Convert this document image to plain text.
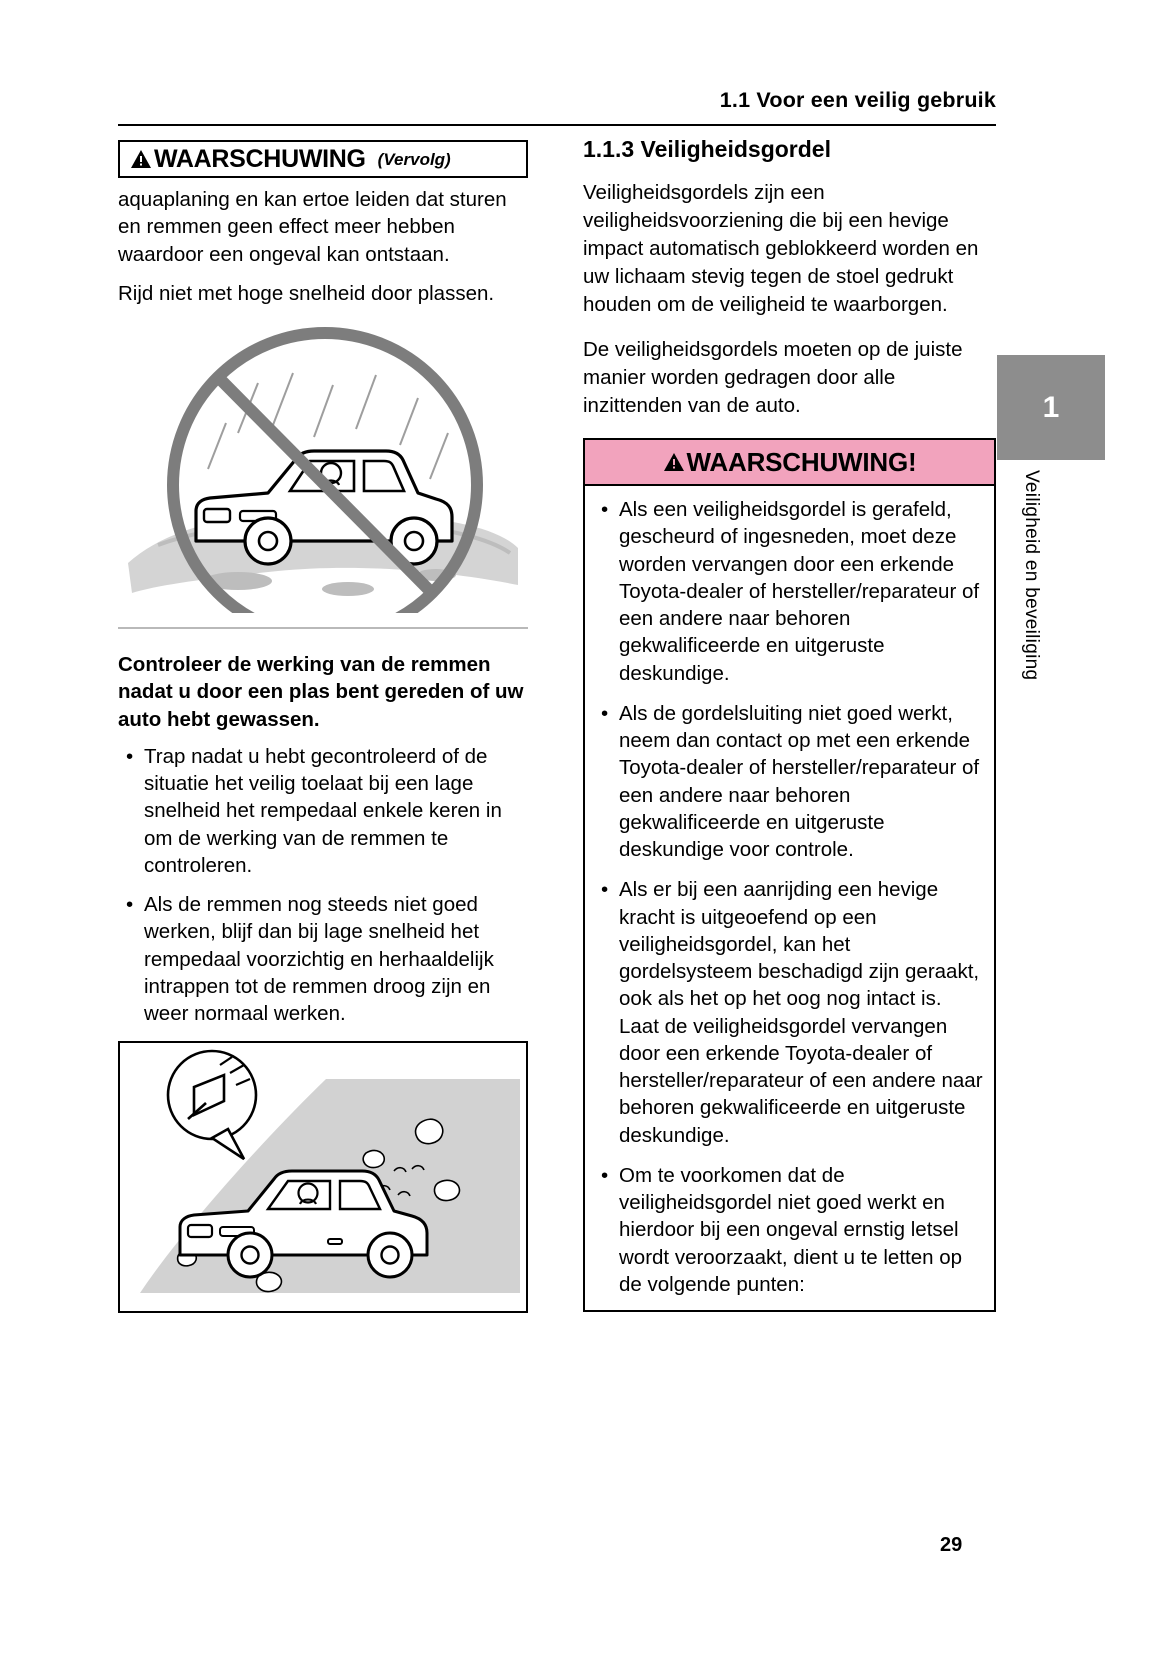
1.1 Voor een veilig gebruik
WAARSCHUWING (Vervolg)

aquaplaning en kan ertoe leiden dat sturen en remmen geen effect meer hebben waardoor een ongeval kan ontstaan.

Rijd niet met hoge snelheid door plassen.

Controleer de werking van de remmen nadat u door een plas bent gereden of uw auto hebt gewassen.

• Trap nadat u hebt gecontroleerd of de situatie het veilig toelaat bij een lage snelheid het rempedaal enkele keren in om de werking van de remmen te controleren.
• Als de remmen nog steeds niet goed werken, blijf dan bij lage snelheid het rempedaal voorzichtig en herhaaldelijk intrappen tot de remmen droog zijn en weer normaal werken.
1.1.3 Veiligheidsgordel

Veiligheidsgordels zijn een veiligheidsvoorziening die bij een hevige impact automatisch geblokkeerd worden en uw lichaam stevig tegen de stoel gedrukt houden om de veiligheid te waarborgen.

De veiligheidsgordels moeten op de juiste manier worden gedragen door alle inzittenden van de auto.

WAARSCHUWING!
• Als een veiligheidsgordel is gerafeld, gescheurd of ingesneden, moet deze worden vervangen door een erkende Toyota-dealer of hersteller/reparateur of een andere naar behoren gekwalificeerde en uitgeruste deskundige.
• Als de gordelsluiting niet goed werkt, neem dan contact op met een erkende Toyota-dealer of hersteller/reparateur of een andere naar behoren gekwalificeerde en uitgeruste deskundige voor controle.
• Als er bij een aanrijding een hevige kracht is uitgeoefend op een veiligheidsgordel, kan het gordelsysteem beschadigd zijn geraakt, ook als het op het oog nog intact is. Laat de veiligheidsgordel vervangen door een erkende Toyota-dealer of hersteller/reparateur of een andere naar behoren gekwalificeerde en uitgeruste deskundige.
• Om te voorkomen dat de veiligheidsgordel niet goed werkt en hierdoor bij een ongeval ernstig letsel wordt veroorzaakt, dient u te letten op de volgende punten:
1
Veiligheid en beveiliging
29
